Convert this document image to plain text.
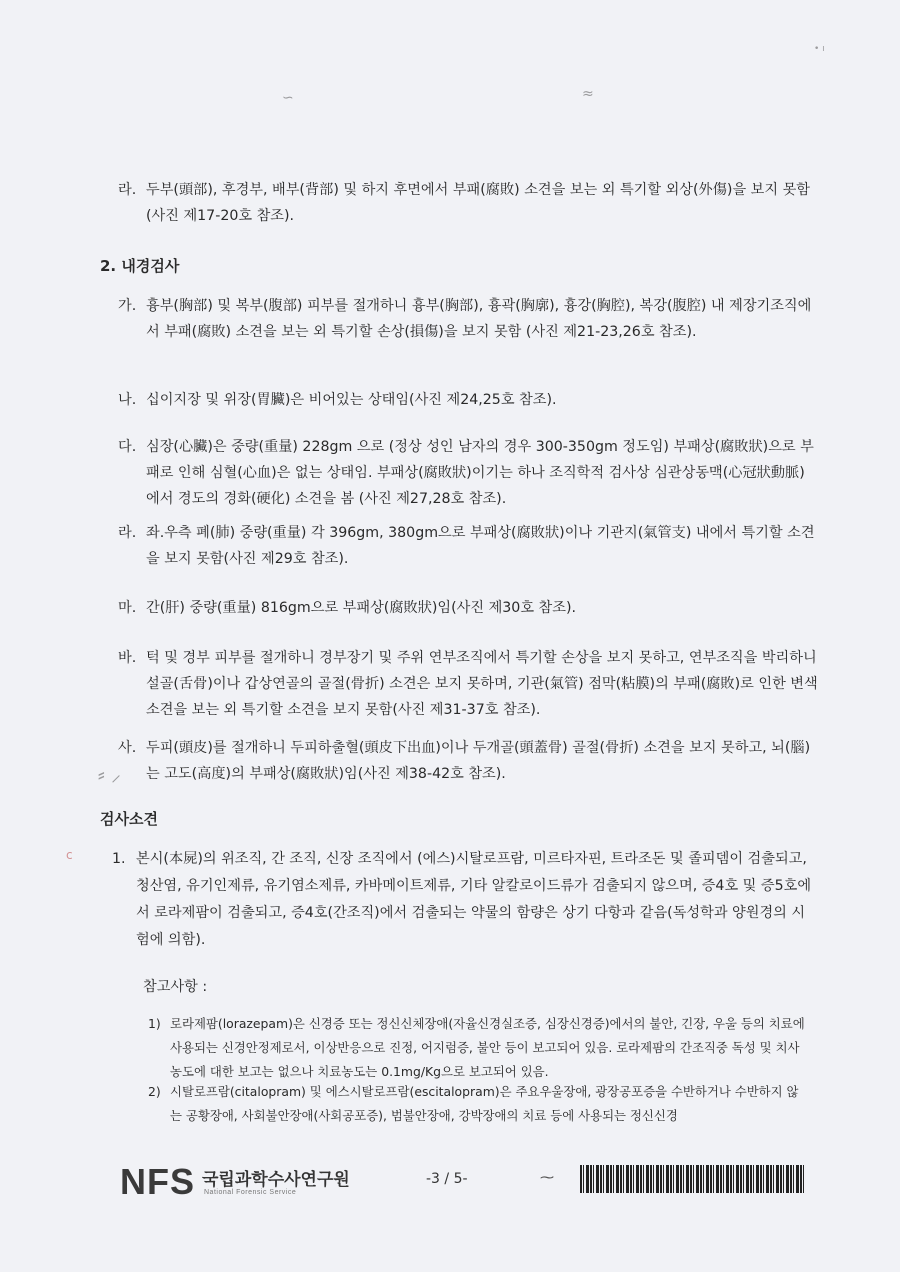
∽	≈
• ı
라. 두부(頭部), 후경부, 배부(背部) 및 하지 후면에서 부패(腐敗) 소견을 보는 외 특기할 외상(外傷)을 보지 못함 (사진 제17-20호 참조).
2. 내경검사
가. 흉부(胸部) 및 복부(腹部) 피부를 절개하니 흉부(胸部), 흉곽(胸廓), 흉강(胸腔), 복강(腹腔) 내 제장기조직에서 부패(腐敗) 소견을 보는 외 특기할 손상(損傷)을 보지 못함 (사진 제21-23,26호 참조).
나. 십이지장 및 위장(胃臟)은 비어있는 상태임(사진 제24,25호 참조).
다. 심장(心臟)은 중량(重量) 228gm 으로 (정상 성인 남자의 경우 300-350gm 정도임) 부패상(腐敗狀)으로 부패로 인해 심혈(心血)은 없는 상태임. 부패상(腐敗狀)이기는 하나 조직학적 검사상 심관상동맥(心冠狀動脈)에서 경도의 경화(硬化) 소견을 봄 (사진 제27,28호 참조).
라. 좌.우측 폐(肺) 중량(重量) 각 396gm, 380gm으로 부패상(腐敗狀)이나 기관지(氣管支) 내에서 특기할 소견을 보지 못함(사진 제29호 참조).
마. 간(肝) 중량(重量) 816gm으로 부패상(腐敗狀)임(사진 제30호 참조).
바. 턱 및 경부 피부를 절개하니 경부장기 및 주위 연부조직에서 특기할 손상을 보지 못하고, 연부조직을 박리하니 설골(舌骨)이나 갑상연골의 골절(骨折) 소견은 보지 못하며, 기관(氣管) 점막(粘膜)의 부패(腐敗)로 인한 변색 소견을 보는 외 특기할 소견을 보지 못함(사진 제31-37호 참조).
사. 두피(頭皮)를 절개하니 두피하출혈(頭皮下出血)이나 두개골(頭蓋骨) 골절(骨折) 소견을 보지 못하고, 뇌(腦)는 고도(高度)의 부패상(腐敗狀)임(사진 제38-42호 참조).
⸗ ⸝
검사소견
c	1. 본시(本屍)의 위조직, 간 조직, 신장 조직에서 (에스)시탈로프람, 미르타자핀, 트라조돈 및 졸피뎀이 검출되고, 청산염, 유기인제류, 유기염소제류, 카바메이트제류, 기타 알칼로이드류가 검출되지 않으며, 증4호 및 증5호에서 로라제팜이 검출되고, 증4호(간조직)에서 검출되는 약물의 함량은 상기 다항과 같음(독성학과 양원경의 시험에 의함).
참고사항 :
1) 로라제팜(lorazepam)은 신경증 또는 정신신체장애(자율신경실조증, 심장신경증)에서의 불안, 긴장, 우울 등의 치료에 사용되는 신경안정제로서, 이상반응으로 진정, 어지럼증, 불안 등이 보고되어 있음. 로라제팜의 간조직중 독성 및 치사농도에 대한 보고는 없으나 치료농도는 0.1mg/Kg으로 보고되어 있음.
2) 시탈로프람(citalopram) 및 에스시탈로프람(escitalopram)은 주요우울장애, 광장공포증을 수반하거나 수반하지 않는 공황장애, 사회불안장애(사회공포증), 범불안장애, 강박장애의 치료 등에 사용되는 정신신경
NFS 국립과학수사연구원
National Forensic Service
-3 / 5-	⁓
